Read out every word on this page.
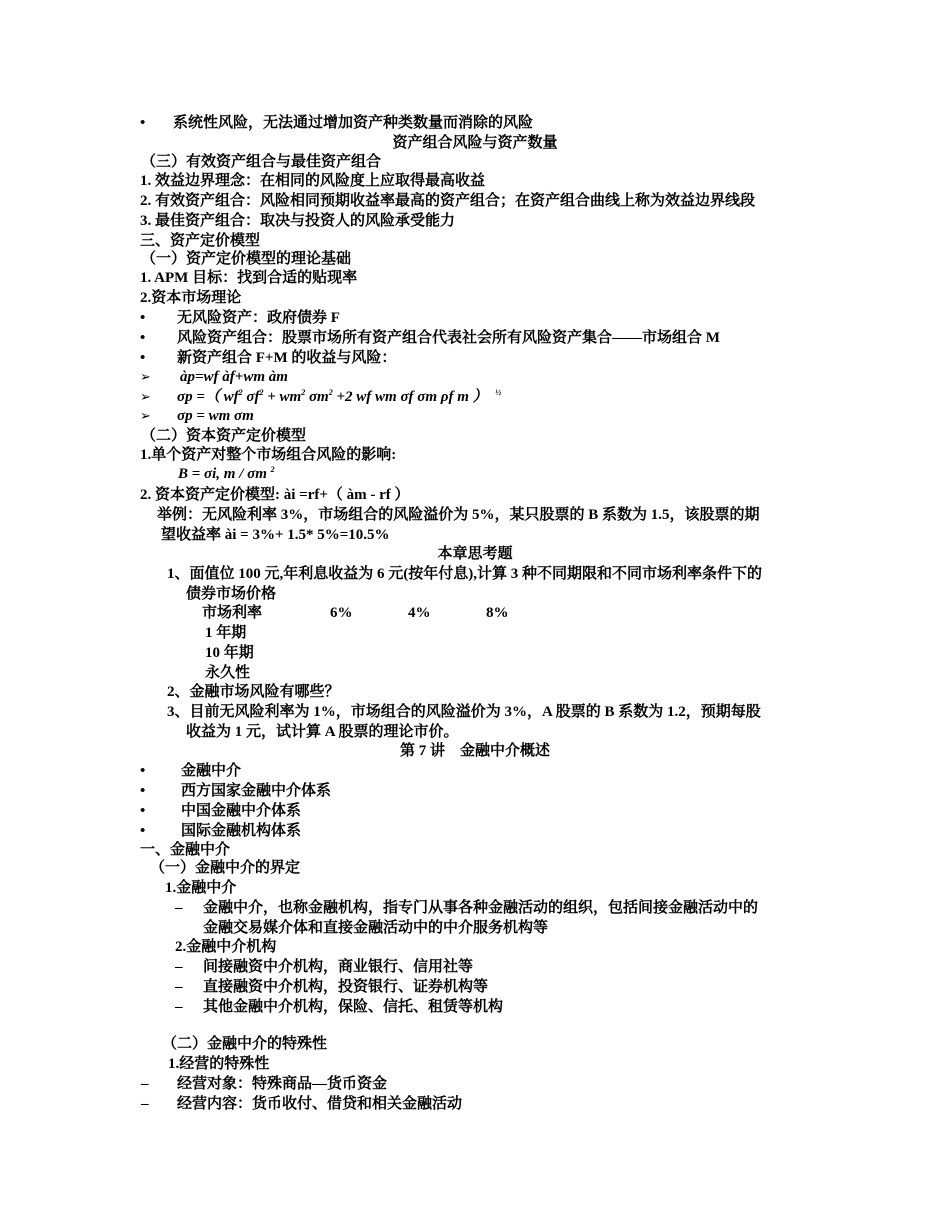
• 系统性风险，无法通过增加资产种类数量而消除的风险
资产组合风险与资产数量
（三）有效资产组合与最佳资产组合
1. 效益边界理念：在相同的风险度上应取得最高收益
2. 有效资产组合：风险相同预期收益率最高的资产组合；在资产组合曲线上称为效益边界线段
3. 最佳资产组合：取决与投资人的风险承受能力
三、资产定价模型
（一）资产定价模型的理论基础
1. APM 目标：找到合适的贴现率
2.资本市场理论
• 无风险资产：政府债券 F
• 风险资产组合：股票市场所有资产组合代表社会所有风险资产集合——市场组合 M
• 新资产组合 F+M 的收益与风险：
➢ àp=wf àf+wm àm
➢ σp =（ $wf^2$ $\sigma f^2 + wm^2$ $\sigma m^2 +2$ wf wm σf σm ρf m ） $^{\frac{1}{2}}$
➢ σp = wm σm
（二）资本资产定价模型
1.单个资产对整个市场组合风险的影响:
B = σi, m / σm $^2$
2. 资本资产定价模型: ài =rf+（ àm - rf ）
举例：无风险利率 3%，市场组合的风险溢价为 5%，某只股票的 B 系数为 1.5，该股票的期
望收益率 ài = 3%+ 1.5* 5%=10.5%
本章思考题
1、面值位 100 元,年利息收益为 6 元(按年付息),计算 3 种不同期限和不同市场利率条件下的
债券市场价格
市场利率	6%	4%	8%
1 年期
10 年期
永久性
2、金融市场风险有哪些？
3、目前无风险利率为 1%，市场组合的风险溢价为 3%，A 股票的 B 系数为 1.2，预期每股
收益为 1 元，试计算 A 股票的理论市价。
第 7 讲　金融中介概述
• 金融中介
• 西方国家金融中介体系
• 中国金融中介体系
• 国际金融机构体系
一、金融中介
（一）金融中介的界定
1.金融中介
– 金融中介，也称金融机构，指专门从事各种金融活动的组织，包括间接金融活动中的
金融交易媒介体和直接金融活动中的中介服务机构等
2.金融中介机构
– 间接融资中介机构，商业银行、信用社等
– 直接融资中介机构，投资银行、证券机构等
– 其他金融中介机构，保险、信托、租赁等机构
（二）金融中介的特殊性
1.经营的特殊性
– 经营对象：特殊商品—货币资金
– 经营内容：货币收付、借贷和相关金融活动
